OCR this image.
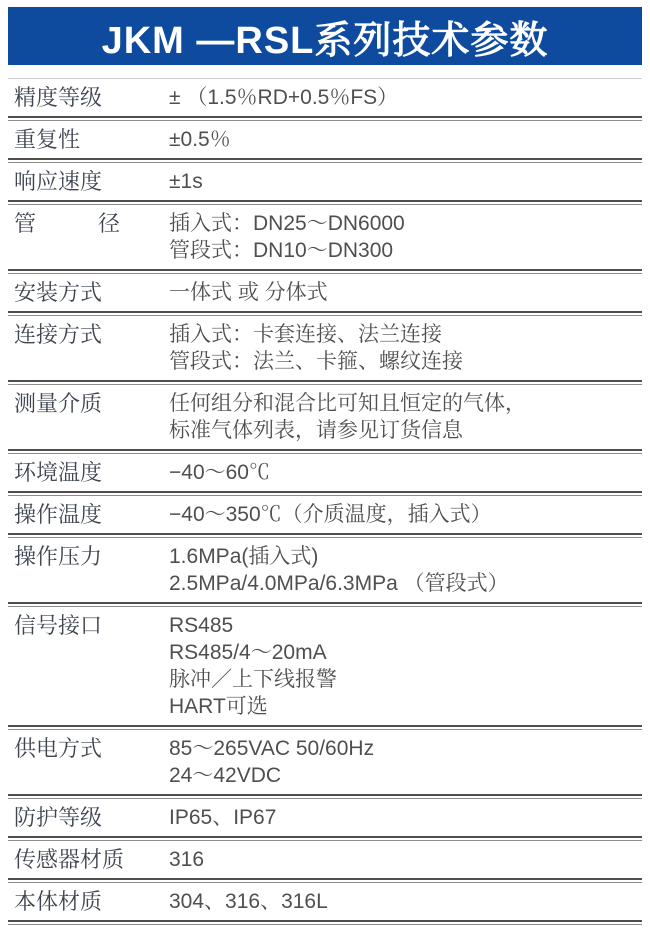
JKM —RSL系列技术参数
精度等级	± （1.5％RD+0.5％FS）
重复性	±0.5％
响应速度	±1s
管 径 插入式：DN25～DN6000
管段式：DN10～DN300
安装方式	一体式 或 分体式
连接方式	插入式：卡套连接、法兰连接
管段式：法兰、卡箍、螺纹连接
测量介质	任何组分和混合比可知且恒定的气体，
标准气体列表，请参见订货信息
环境温度	−40～60℃
操作温度	−40～350℃（介质温度，插入式）
操作压力	1.6MPa(插入式)
2.5MPa/4.0MPa/6.3MPa （管段式）
信号接口	RS485
RS485/4～20mA
脉冲／上下线报警
HART可选
供电方式	85～265VAC 50/60Hz
24～42VDC
防护等级	IP65、IP67
传感器材质	316
本体材质	304、316、316L
